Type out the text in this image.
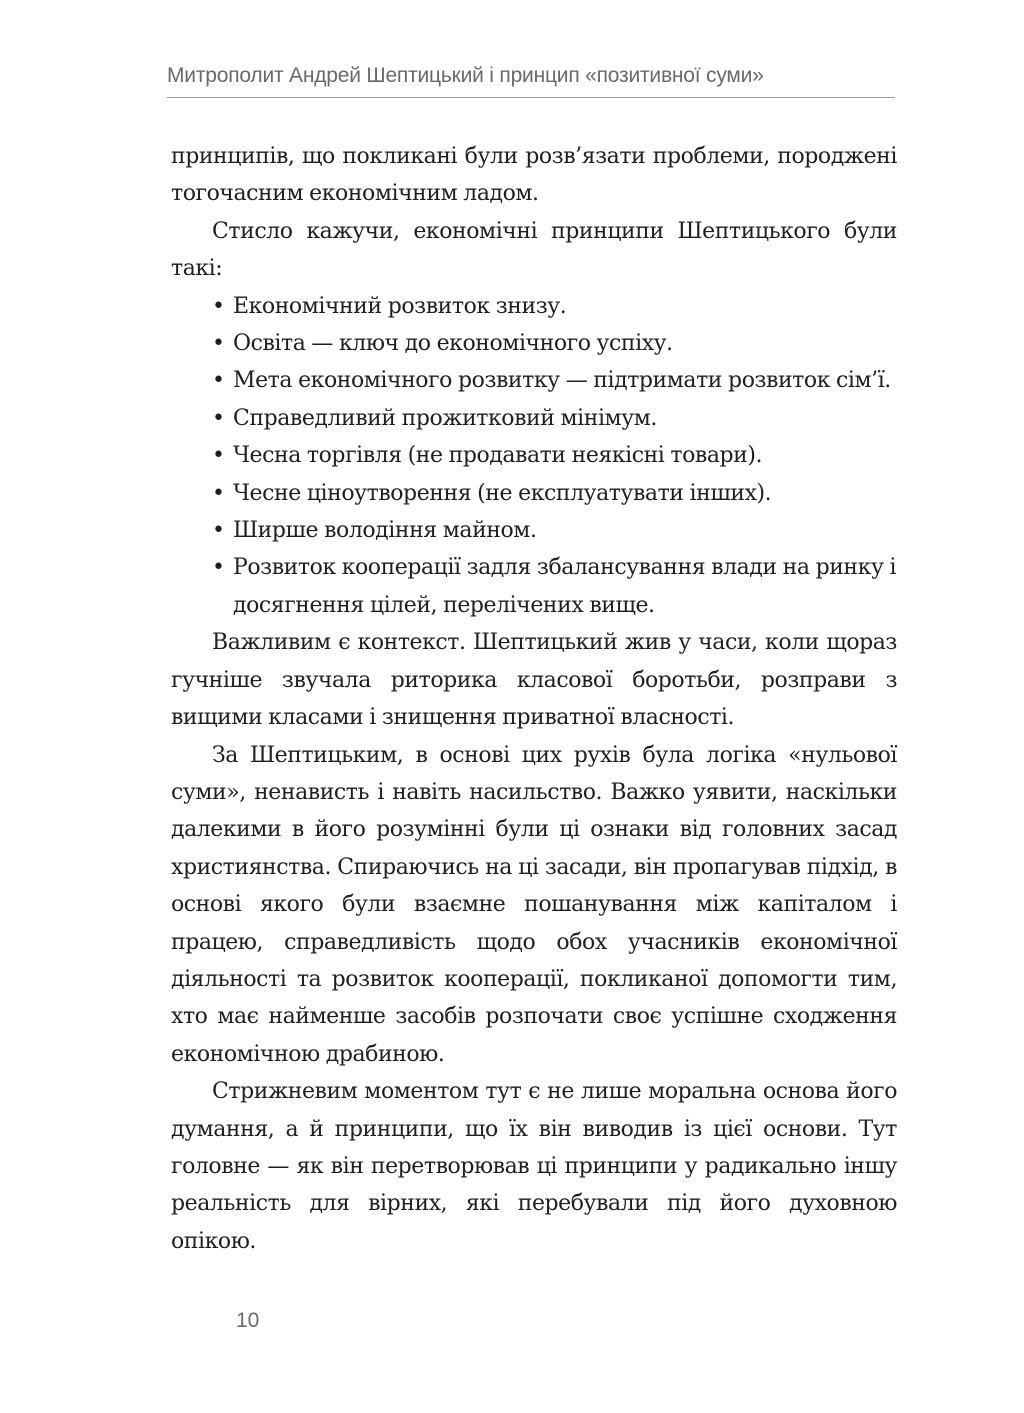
Митрополит Андрей Шептицький і принцип «позитивної суми»

принципів, що покликані були розв’язати проблеми, породжені тогочасним економічним ладом.

Стисло кажучи, економічні принципи Шептицького були такі:

• Економічний розвиток знизу.
• Освіта — ключ до економічного успіху.
• Мета економічного розвитку — підтримати розвиток сім’ї.
• Справедливий прожитковий мінімум.
• Чесна торгівля (не продавати неякісні товари).
• Чесне ціноутворення (не експлуатувати інших).
• Ширше володіння майном.
• Розвиток кооперації задля збалансування влади на ринку і досягнення цілей, перелічених вище.

Важливим є контекст. Шептицький жив у часи, коли щораз гучніше звучала риторика класової боротьби, розправи з вищими класами і знищення приватної власності.

За Шептицьким, в основі цих рухів була логіка «нульової суми», ненависть і навіть насильство. Важко уявити, наскільки далекими в його розумінні були ці ознаки від головних засад християнства. Спираючись на ці засади, він пропагував підхід, в основі якого були взаємне пошанування між капіталом і працею, справедливість щодо обох учасників економічної діяльності та розвиток кооперації, покликаної допомогти тим, хто має найменше засобів розпочати своє успішне сходження економічною драбиною.

Стрижневим моментом тут є не лише моральна основа його думання, а й принципи, що їх він виводив із цієї основи. Тут головне — як він перетворював ці принципи у радикально іншу реальність для вірних, які перебували під його духовною опікою.

10
